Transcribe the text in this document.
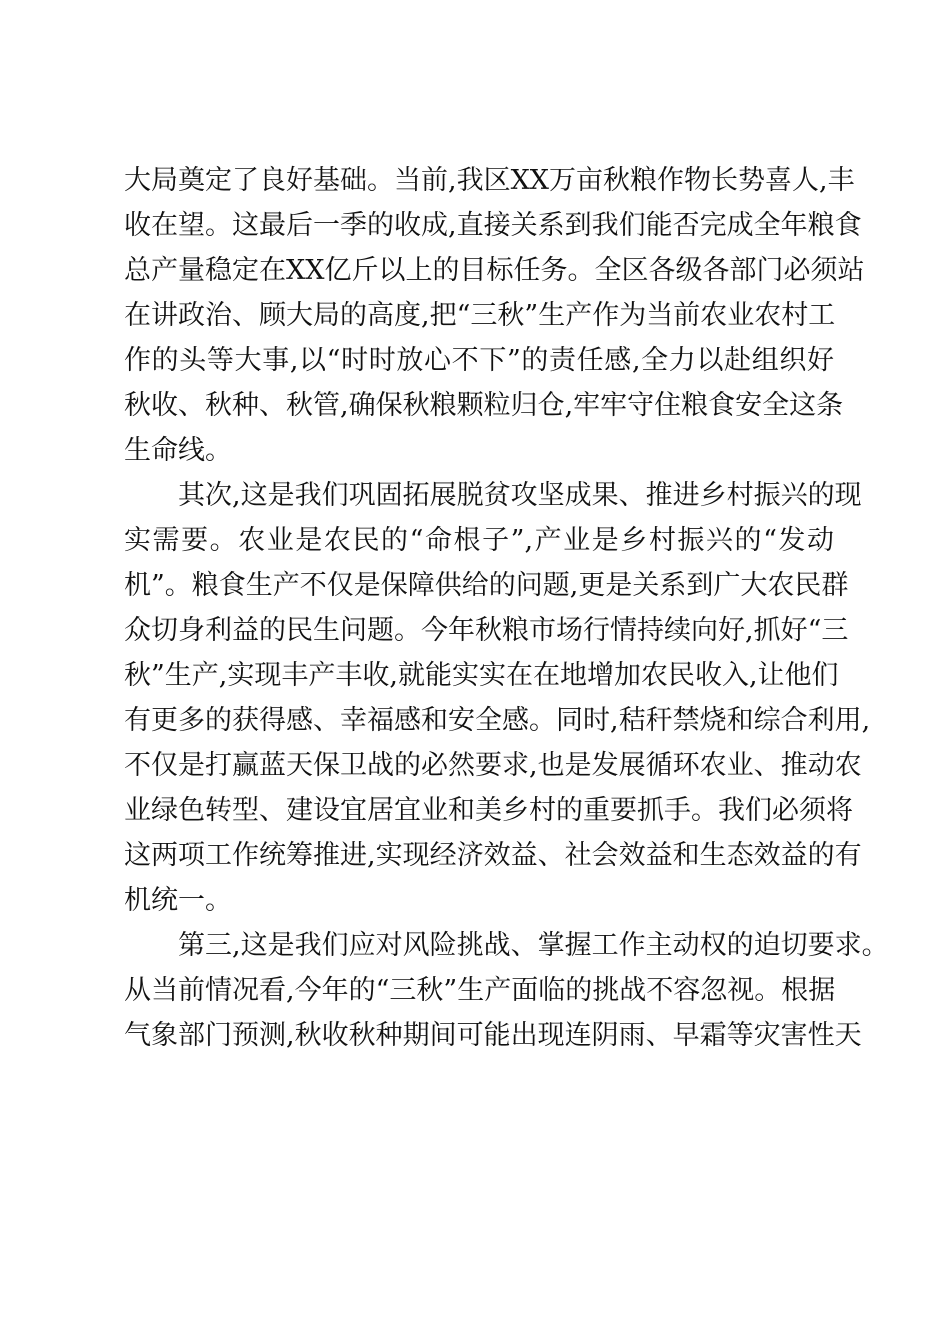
大局奠定了良好基础。当前,我区XX万亩秋粮作物长势喜人,丰
收在望。这最后一季的收成,直接关系到我们能否完成全年粮食
总产量稳定在XX亿斤以上的目标任务。全区各级各部门必须站
在讲政治、顾大局的高度,把“三秋”生产作为当前农业农村工
作的头等大事,以“时时放心不下”的责任感,全力以赴组织好
秋收、秋种、秋管,确保秋粮颗粒归仓,牢牢守住粮食安全这条
生命线。
其次,这是我们巩固拓展脱贫攻坚成果、推进乡村振兴的现
实需要。农业是农民的“命根子”,产业是乡村振兴的“发动
机”。粮食生产不仅是保障供给的问题,更是关系到广大农民群
众切身利益的民生问题。今年秋粮市场行情持续向好,抓好“三
秋”生产,实现丰产丰收,就能实实在在地增加农民收入,让他们
有更多的获得感、幸福感和安全感。同时,秸秆禁烧和综合利用,
不仅是打赢蓝天保卫战的必然要求,也是发展循环农业、推动农
业绿色转型、建设宜居宜业和美乡村的重要抓手。我们必须将
这两项工作统筹推进,实现经济效益、社会效益和生态效益的有
机统一。
第三,这是我们应对风险挑战、掌握工作主动权的迫切要求。
从当前情况看,今年的“三秋”生产面临的挑战不容忽视。根据
气象部门预测,秋收秋种期间可能出现连阴雨、早霜等灾害性天
